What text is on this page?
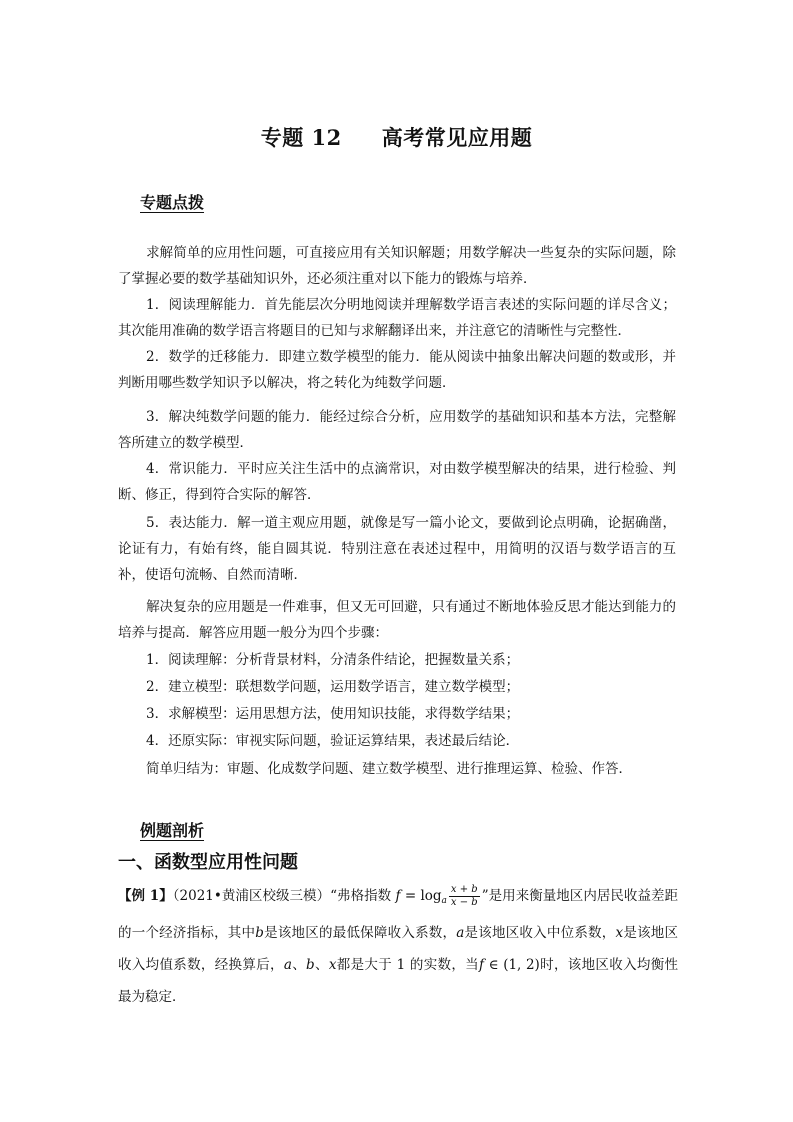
专题 12 高考常见应用题
专题点拨
求解简单的应用性问题，可直接应用有关知识解题；用数学解决一些复杂的实际问题，除了掌握必要的数学基础知识外，还必须注重对以下能力的锻炼与培养．
1．阅读理解能力．首先能层次分明地阅读并理解数学语言表述的实际问题的详尽含义；其次能用准确的数学语言将题目的已知与求解翻译出来，并注意它的清晰性与完整性．
2．数学的迁移能力．即建立数学模型的能力．能从阅读中抽象出解决问题的数或形，并判断用哪些数学知识予以解决，将之转化为纯数学问题．
3．解决纯数学问题的能力．能经过综合分析，应用数学的基础知识和基本方法，完整解答所建立的数学模型．
4．常识能力．平时应关注生活中的点滴常识，对由数学模型解决的结果，进行检验、判断、修正，得到符合实际的解答．
5．表达能力．解一道主观应用题，就像是写一篇小论文，要做到论点明确，论据确凿，论证有力，有始有终，能自圆其说．特别注意在表述过程中，用简明的汉语与数学语言的互补，使语句流畅、自然而清晰．
解决复杂的应用题是一件难事，但又无可回避，只有通过不断地体验反思才能达到能力的培养与提高．解答应用题一般分为四个步骤：
1．阅读理解：分析背景材料，分清条件结论，把握数量关系；
2．建立模型：联想数学问题，运用数学语言，建立数学模型；
3．求解模型：运用思想方法，使用知识技能，求得数学结果；
4．还原实际：审视实际问题，验证运算结果，表述最后结论．
简单归结为：审题、化成数学问题、建立数学模型、进行推理运算、检验、作答．
例题剖析
一、函数型应用性问题
【例 1】（2021•黄浦区校级三模）“弗格指数 $f = \log_a \frac{x + b}{x - b}$ ”是用来衡量地区内居民收益差距的一个经济指标，其中b是该地区的最低保障收入系数，a是该地区收入中位系数，x是该地区收入均值系数，经换算后，a、b、x都是大于 1 的实数，当f ∈ (1, 2)时，该地区收入均衡性最为稳定．
